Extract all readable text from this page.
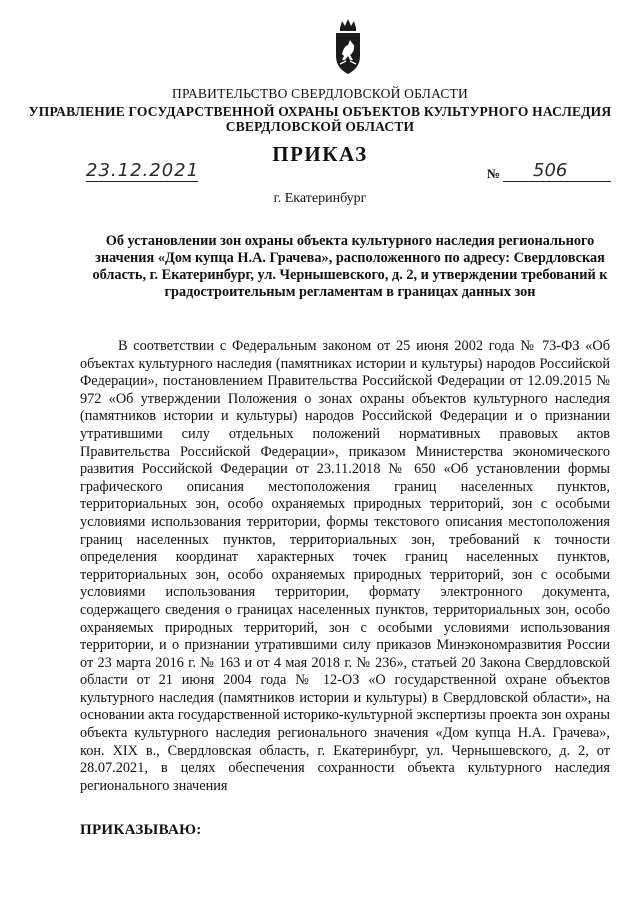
ПРАВИТЕЛЬСТВО СВЕРДЛОВСКОЙ ОБЛАСТИ
УПРАВЛЕНИЕ ГОСУДАРСТВЕННОЙ ОХРАНЫ ОБЪЕКТОВ КУЛЬТУРНОГО НАСЛЕДИЯ
СВЕРДЛОВСКОЙ ОБЛАСТИ
ПРИКАЗ
23.12.2021	№ 506
г. Екатеринбург
Об установлении зон охраны объекта культурного наследия регионального значения «Дом купца Н.А. Грачева», расположенного по адресу: Свердловская область, г. Екатеринбург, ул. Чернышевского, д. 2, и утверждении требований к градостроительным регламентам в границах данных зон
В соответствии с Федеральным законом от 25 июня 2002 года № 73-ФЗ «Об объектах культурного наследия (памятниках истории и культуры) народов Российской Федерации», постановлением Правительства Российской Федерации от 12.09.2015 № 972 «Об утверждении Положения о зонах охраны объектов культурного наследия (памятников истории и культуры) народов Российской Федерации и о признании утратившими силу отдельных положений нормативных правовых актов Правительства Российской Федерации», приказом Министерства экономического развития Российской Федерации от 23.11.2018 № 650 «Об установлении формы графического описания местоположения границ населенных пунктов, территориальных зон, особо охраняемых природных территорий, зон с особыми условиями использования территории, формы текстового описания местоположения границ населенных пунктов, территориальных зон, требований к точности определения координат характерных точек границ населенных пунктов, территориальных зон, особо охраняемых природных территорий, зон с особыми условиями использования территории, формату электронного документа, содержащего сведения о границах населенных пунктов, территориальных зон, особо охраняемых природных территорий, зон с особыми условиями использования территории, и о признании утратившими силу приказов Минэкономразвития России от 23 марта 2016 г. № 163 и от 4 мая 2018 г. № 236», статьей 20 Закона Свердловской области от 21 июня 2004 года № 12-ОЗ «О государственной охране объектов культурного наследия (памятников истории и культуры) в Свердловской области», на основании акта государственной историко-культурной экспертизы проекта зон охраны объекта культурного наследия регионального значения «Дом купца Н.А. Грачева», кон. XIX в., Свердловская область, г. Екатеринбург, ул. Чернышевского, д. 2, от 28.07.2021, в целях обеспечения сохранности объекта культурного наследия регионального значения
ПРИКАЗЫВАЮ:
